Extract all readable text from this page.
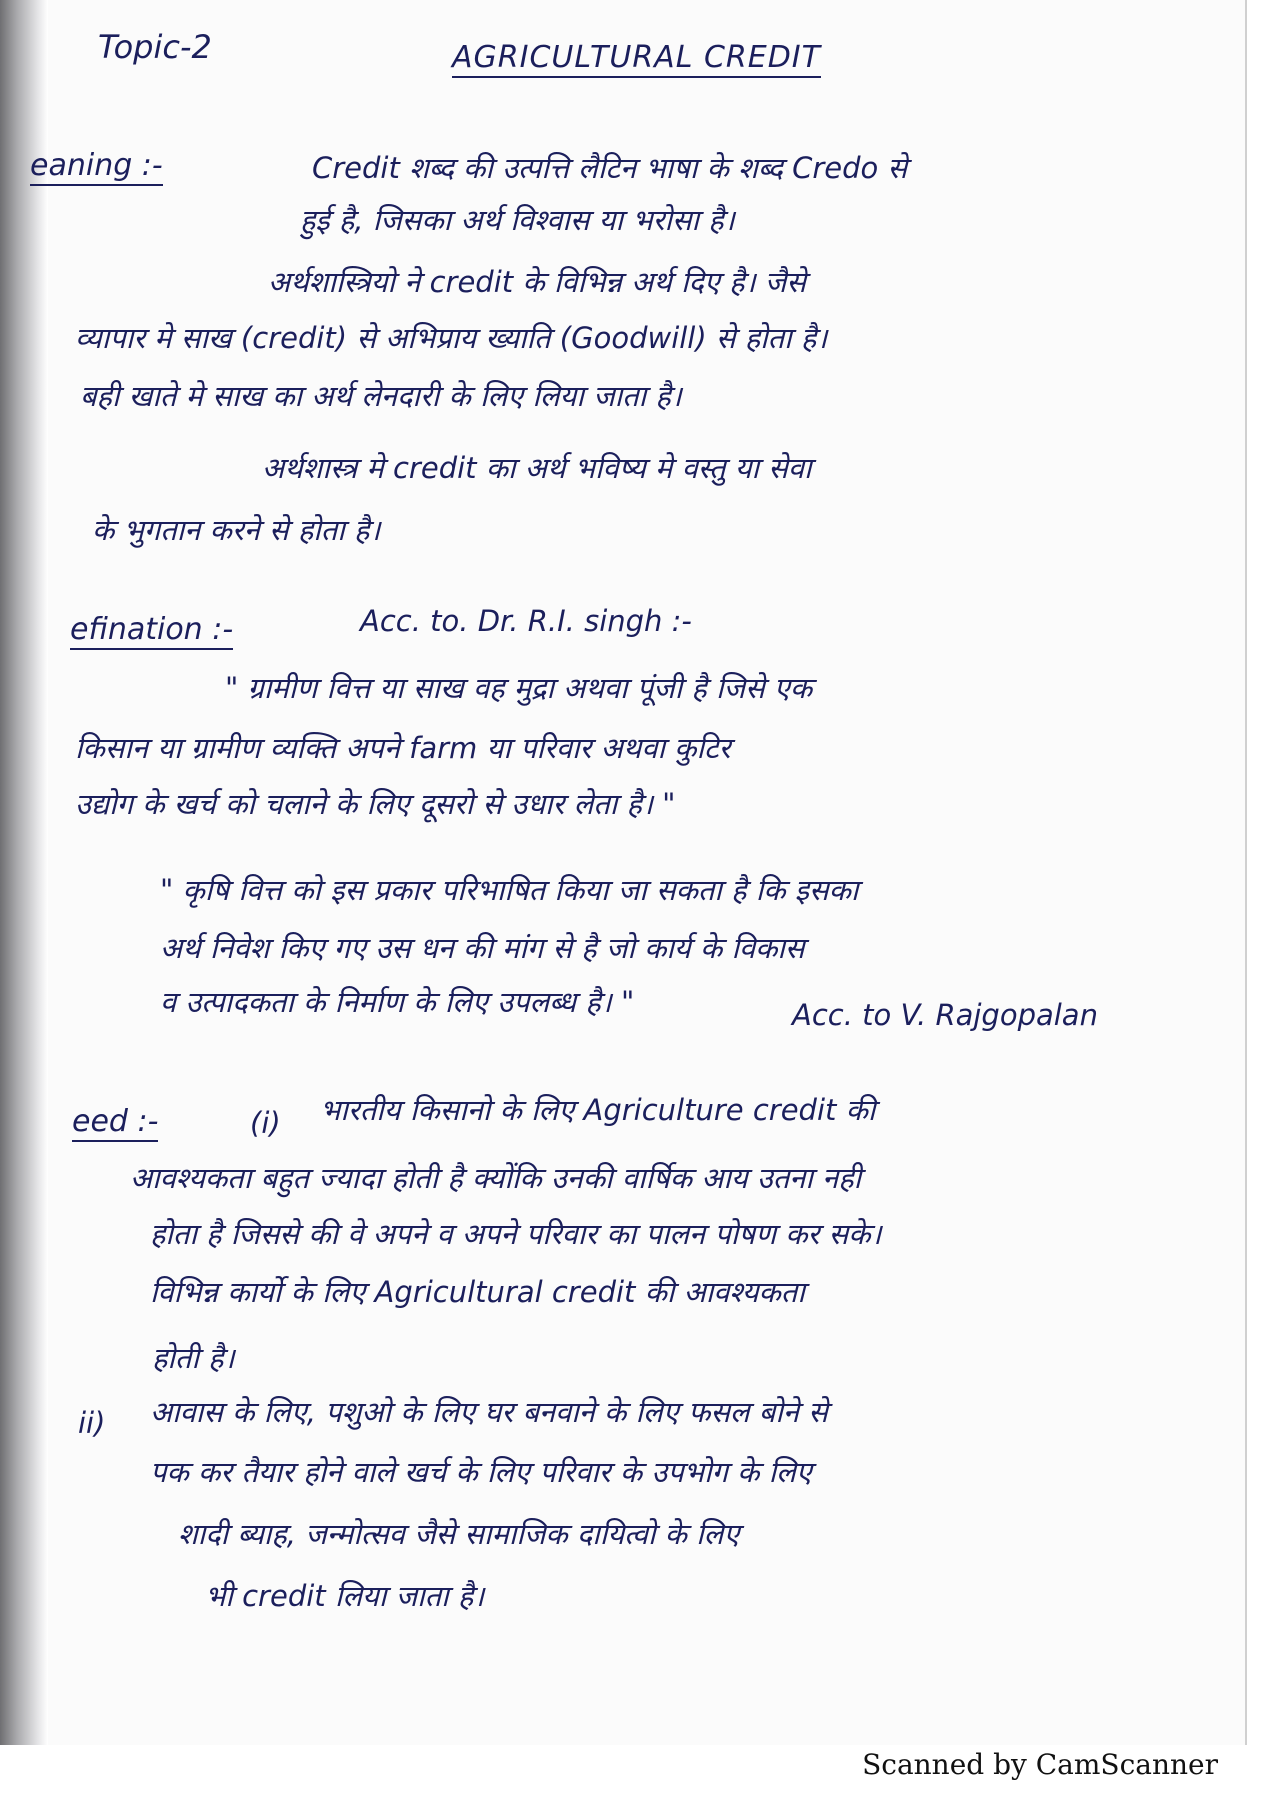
Topic-2	AGRICULTURAL CREDIT
eaning :-	Credit शब्द की उत्पत्ति लैटिन भाषा के शब्द Credo से
हुई है, जिसका अर्थ विश्वास या भरोसा है।
अर्थशास्त्रियो ने credit के विभिन्न अर्थ दिए है। जैसे
व्यापार मे साख (credit) से अभिप्राय ख्याति (Goodwill) से होता है।
बही खाते मे साख का अर्थ लेनदारी के लिए लिया जाता है।
अर्थशास्त्र मे credit का अर्थ भविष्य मे वस्तु या सेवा
के भुगतान करने से होता है।
efination :-	Acc. to. Dr. R.I. singh :-
" ग्रामीण वित्त या साख वह मुद्रा अथवा पूंजी है जिसे एक
किसान या ग्रामीण व्यक्ति अपने farm या परिवार अथवा कुटिर
उद्योग के खर्च को चलाने के लिए दूसरो से उधार लेता है। "
" कृषि वित्त को इस प्रकार परिभाषित किया जा सकता है कि इसका
अर्थ निवेश किए गए उस धन की मांग से है जो कार्य के विकास
व उत्पादकता के निर्माण के लिए उपलब्ध है। "	Acc. to V. Rajgopalan
eed :-	(i) भारतीय किसानो के लिए Agriculture credit की
आवश्यकता बहुत ज्यादा होती है क्योंकि उनकी वार्षिक आय उतना नही
होता है जिससे की वे अपने व अपने परिवार का पालन पोषण कर सके।
विभिन्न कार्यो के लिए Agricultural credit की आवश्यकता
होती है।
ii) आवास के लिए, पशुओ के लिए घर बनवाने के लिए फसल बोने से
पक कर तैयार होने वाले खर्च के लिए परिवार के उपभोग के लिए
शादी ब्याह, जन्मोत्सव जैसे सामाजिक दायित्वो के लिए
भी credit लिया जाता है।
Scanned by CamScanner
